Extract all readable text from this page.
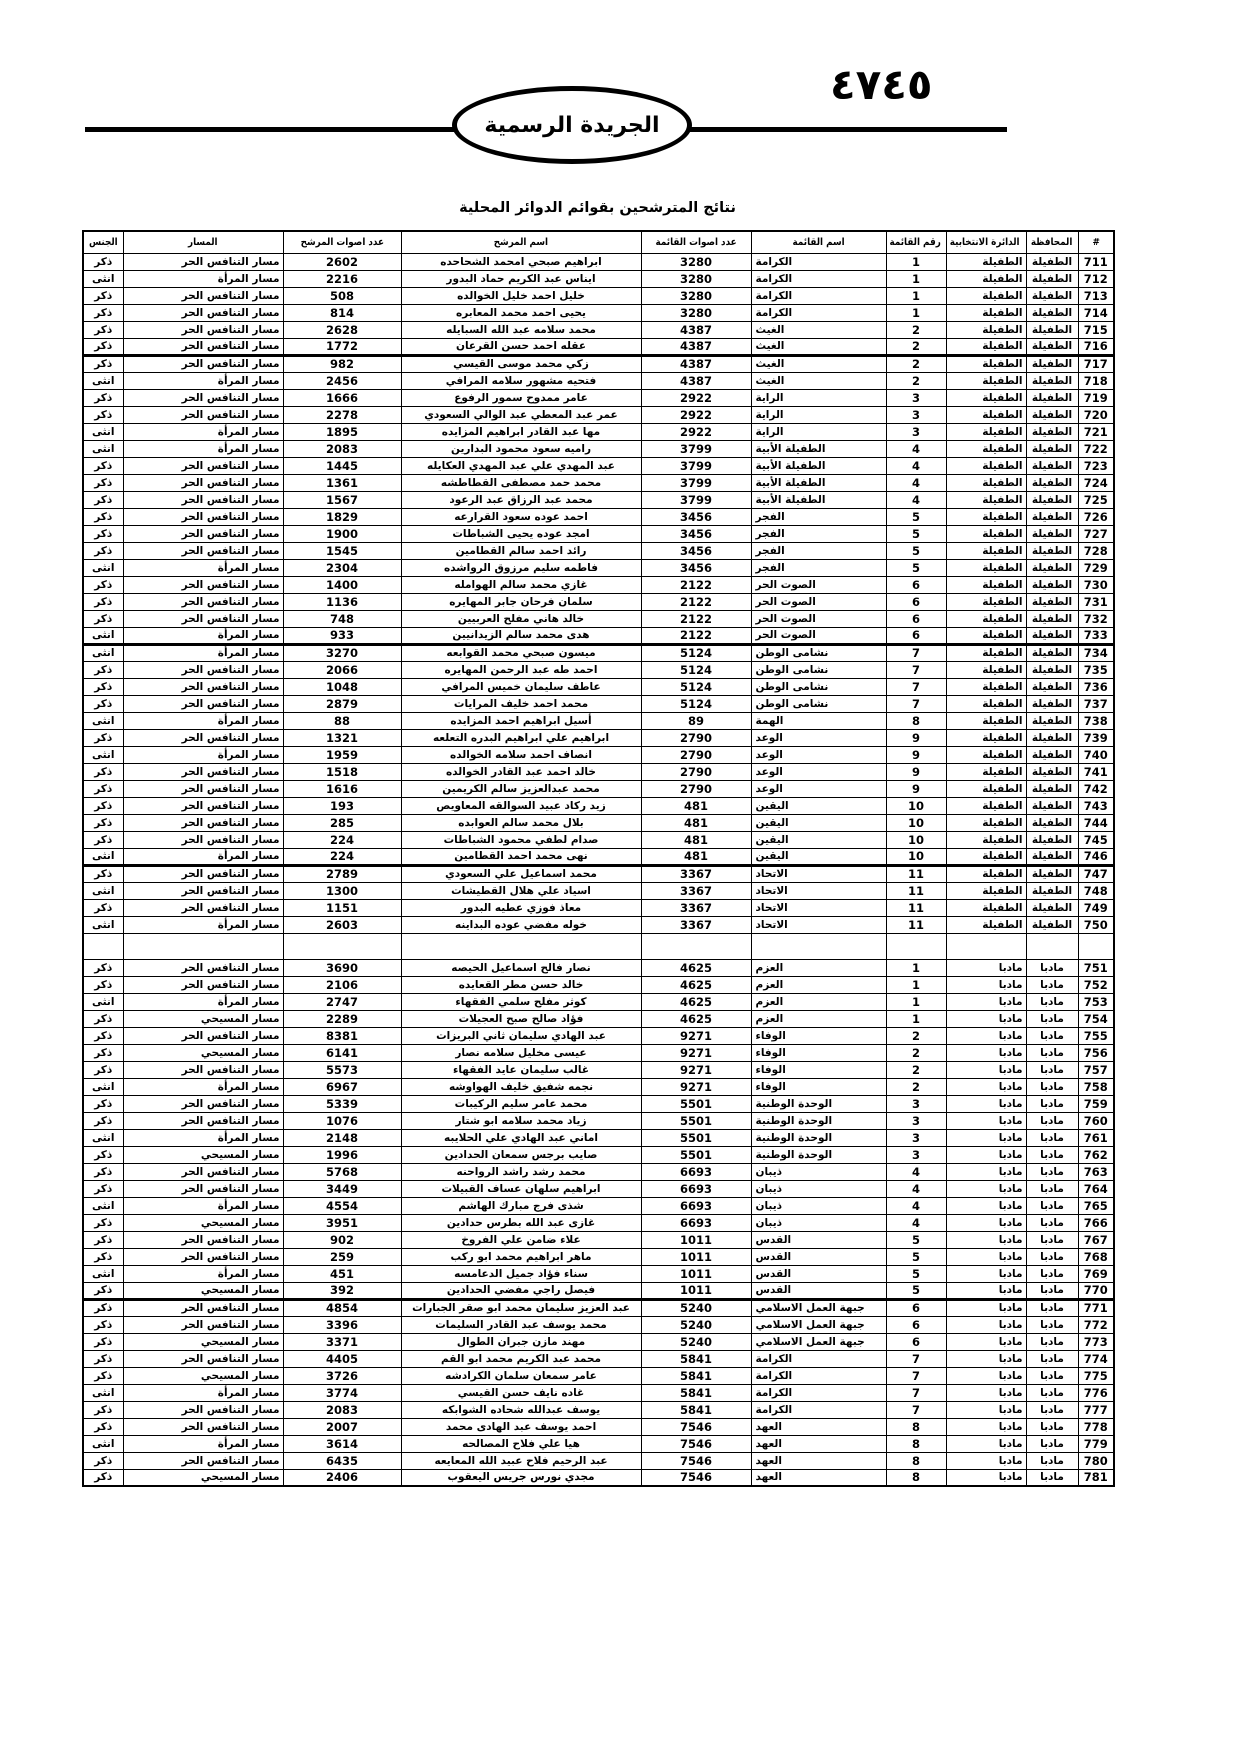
٤٧٤٥
الجريدة الرسمية
نتائج المترشحين بقوائم الدوائر المحلية
#	المحافظة	الدائرة الانتخابية	رقم القائمة	اسم القائمة	عدد اصوات القائمة	اسم المرشح	عدد اصوات المرشح	المسار	الجنس
711	الطفيلة	الطفيلة	1	الكرامة	3280	ابراهيم صبحي امحمد الشحاحده	2602	مسار التنافس الحر	ذكر
712	الطفيلة	الطفيلة	1	الكرامة	3280	ايناس عبد الكريم حماد البدور	2216	مسار المرأة	انثى
713	الطفيلة	الطفيلة	1	الكرامة	3280	خليل احمد خليل الخوالده	508	مسار التنافس الحر	ذكر
714	الطفيلة	الطفيلة	1	الكرامة	3280	يحيى احمد محمد المعابره	814	مسار التنافس الحر	ذكر
715	الطفيلة	الطفيلة	2	الغيث	4387	محمد سلامه عبد الله السبايله	2628	مسار التنافس الحر	ذكر
716	الطفيلة	الطفيلة	2	الغيث	4387	عقله احمد حسن القرعان	1772	مسار التنافس الحر	ذكر
717	الطفيلة	الطفيلة	2	الغيث	4387	زكي محمد موسى القيسي	982	مسار التنافس الحر	ذكر
718	الطفيلة	الطفيلة	2	الغيث	4387	فتحيه مشهور سلامه المرافي	2456	مسار المرأة	انثى
719	الطفيلة	الطفيلة	3	الراية	2922	عامر ممدوح سمور الرفوع	1666	مسار التنافس الحر	ذكر
720	الطفيلة	الطفيلة	3	الراية	2922	عمر عبد المعطي عبد الوالي السعودي	2278	مسار التنافس الحر	ذكر
721	الطفيلة	الطفيلة	3	الراية	2922	مها عبد القادر ابراهيم المزايده	1895	مسار المرأة	انثى
722	الطفيلة	الطفيلة	4	الطفيلة الأبية	3799	راميه سعود محمود البدارين	2083	مسار المرأة	انثى
723	الطفيلة	الطفيلة	4	الطفيلة الأبية	3799	عبد المهدي علي عبد المهدي العكايله	1445	مسار التنافس الحر	ذكر
724	الطفيلة	الطفيلة	4	الطفيلة الأبية	3799	محمد حمد مصطفى القطاطشه	1361	مسار التنافس الحر	ذكر
725	الطفيلة	الطفيلة	4	الطفيلة الأبية	3799	محمد عبد الرزاق عبد الرعود	1567	مسار التنافس الحر	ذكر
726	الطفيلة	الطفيلة	5	الفجر	3456	احمد عوده سعود القرارعه	1829	مسار التنافس الحر	ذكر
727	الطفيلة	الطفيلة	5	الفجر	3456	امجد عوده يحيى الشباطات	1900	مسار التنافس الحر	ذكر
728	الطفيلة	الطفيلة	5	الفجر	3456	رائد احمد سالم القطامين	1545	مسار التنافس الحر	ذكر
729	الطفيلة	الطفيلة	5	الفجر	3456	فاطمه سليم مرزوق الرواشده	2304	مسار المرأة	انثى
730	الطفيلة	الطفيلة	6	الصوت الحر	2122	غازي محمد سالم الهوامله	1400	مسار التنافس الحر	ذكر
731	الطفيلة	الطفيلة	6	الصوت الحر	2122	سلمان فرحان جابر المهايره	1136	مسار التنافس الحر	ذكر
732	الطفيلة	الطفيلة	6	الصوت الحر	2122	خالد هاني مفلح العربيين	748	مسار التنافس الحر	ذكر
733	الطفيلة	الطفيلة	6	الصوت الحر	2122	هدى محمد سالم الزيدانيين	933	مسار المرأة	انثى
734	الطفيلة	الطفيلة	7	نشامى الوطن	5124	ميسون صبحي محمد القوابعه	3270	مسار المرأة	انثى
735	الطفيلة	الطفيلة	7	نشامى الوطن	5124	احمد طه عبد الرحمن المهايره	2066	مسار التنافس الحر	ذكر
736	الطفيلة	الطفيلة	7	نشامى الوطن	5124	عاطف سليمان خميس المرافي	1048	مسار التنافس الحر	ذكر
737	الطفيلة	الطفيلة	7	نشامى الوطن	5124	محمد احمد خليف المرايات	2879	مسار التنافس الحر	ذكر
738	الطفيلة	الطفيلة	8	الهمة	89	أسيل ابراهيم احمد المزايده	88	مسار المرأة	انثى
739	الطفيلة	الطفيلة	9	الوعد	2790	ابراهيم علي ابراهيم البدره التعلعه	1321	مسار التنافس الحر	ذكر
740	الطفيلة	الطفيلة	9	الوعد	2790	انصاف احمد سلامه الخوالده	1959	مسار المرأة	انثى
741	الطفيلة	الطفيلة	9	الوعد	2790	خالد احمد عبد القادر الخوالده	1518	مسار التنافس الحر	ذكر
742	الطفيلة	الطفيلة	9	الوعد	2790	محمد عبدالعزيز سالم الكريمين	1616	مسار التنافس الحر	ذكر
743	الطفيلة	الطفيلة	10	اليقين	481	زيد ركاد عبيد السوالقه المعاويص	193	مسار التنافس الحر	ذكر
744	الطفيلة	الطفيلة	10	اليقين	481	بلال محمد سالم العوابده	285	مسار التنافس الحر	ذكر
745	الطفيلة	الطفيلة	10	اليقين	481	صدام لطفي محمود الشباطات	224	مسار التنافس الحر	ذكر
746	الطفيلة	الطفيلة	10	اليقين	481	نهى محمد احمد القطامين	224	مسار المرأة	انثى
747	الطفيلة	الطفيلة	11	الاتحاد	3367	محمد اسماعيل علي السعودي	2789	مسار التنافس الحر	ذكر
748	الطفيلة	الطفيلة	11	الاتحاد	3367	اسياد علي هلال القطيشات	1300	مسار التنافس الحر	انثى
749	الطفيلة	الطفيلة	11	الاتحاد	3367	معاذ فوزي عطيه البدور	1151	مسار التنافس الحر	ذكر
750	الطفيلة	الطفيلة	11	الاتحاد	3367	خوله مفضي عوده البداينه	2603	مسار المرأة	انثى

751	مادبا	مادبا	1	العزم	4625	نصار فالح اسماعيل الحيصه	3690	مسار التنافس الحر	ذكر
752	مادبا	مادبا	1	العزم	4625	خالد حسن مطر القعايده	2106	مسار التنافس الحر	ذكر
753	مادبا	مادبا	1	العزم	4625	كوثر مفلح سلمي الفقهاء	2747	مسار المرأة	انثى
754	مادبا	مادبا	1	العزم	4625	فؤاد صالح صبح العجيلات	2289	مسار المسيحي	ذكر
755	مادبا	مادبا	2	الوفاء	9271	عبد الهادي سليمان ثاني البريزات	8381	مسار التنافس الحر	ذكر
756	مادبا	مادبا	2	الوفاء	9271	عيسى مخليل سلامه نصار	6141	مسار المسيحي	ذكر
757	مادبا	مادبا	2	الوفاء	9271	غالب سليمان عايد الفقهاء	5573	مسار التنافس الحر	ذكر
758	مادبا	مادبا	2	الوفاء	9271	نجمه شفيق خليف الهواوشه	6967	مسار المرأة	انثى
759	مادبا	مادبا	3	الوحدة الوطنية	5501	محمد عامر سليم الركيبات	5339	مسار التنافس الحر	ذكر
760	مادبا	مادبا	3	الوحدة الوطنية	5501	زياد محمد سلامه ابو شتار	1076	مسار التنافس الحر	ذكر
761	مادبا	مادبا	3	الوحدة الوطنية	5501	اماني عبد الهادي علي الحلايبه	2148	مسار المرأة	انثى
762	مادبا	مادبا	3	الوحدة الوطنية	5501	صايب برجس سمعان الحدادين	1996	مسار المسيحي	ذكر
763	مادبا	مادبا	4	ذيبان	6693	محمد رشد راشد الرواحنه	5768	مسار التنافس الحر	ذكر
764	مادبا	مادبا	4	ذيبان	6693	ابراهيم سلهان عساف القبيلات	3449	مسار التنافس الحر	ذكر
765	مادبا	مادبا	4	ذيبان	6693	شذى فرج مبارك الهاشم	4554	مسار المرأة	انثى
766	مادبا	مادبا	4	ذيبان	6693	غازى عبد الله بطرس حدادين	3951	مسار المسيحي	ذكر
767	مادبا	مادبا	5	القدس	1011	علاء ضامن علي الفروخ	902	مسار التنافس الحر	ذكر
768	مادبا	مادبا	5	القدس	1011	ماهر ابراهيم محمد ابو ركب	259	مسار التنافس الحر	ذكر
769	مادبا	مادبا	5	القدس	1011	سناء فؤاد جميل الدعامسه	451	مسار المرأة	انثى
770	مادبا	مادبا	5	القدس	1011	فيصل راجي مفضي الحدادين	392	مسار المسيحي	ذكر
771	مادبا	مادبا	6	جبهة العمل الاسلامي	5240	عبد العزيز سليمان محمد ابو صقر الجبارات	4854	مسار التنافس الحر	ذكر
772	مادبا	مادبا	6	جبهة العمل الاسلامي	5240	محمد يوسف عبد القادر السليمات	3396	مسار التنافس الحر	ذكر
773	مادبا	مادبا	6	جبهة العمل الاسلامي	5240	مهند مازن جبران الطوال	3371	مسار المسيحي	ذكر
774	مادبا	مادبا	7	الكرامة	5841	محمد عبد الكريم محمد ابو القم	4405	مسار التنافس الحر	ذكر
775	مادبا	مادبا	7	الكرامة	5841	عامر سمعان سلمان الكرادشه	3726	مسار المسيحي	ذكر
776	مادبا	مادبا	7	الكرامة	5841	غاده نايف حسن القيسي	3774	مسار المرأة	انثى
777	مادبا	مادبا	7	الكرامة	5841	يوسف عبدالله شحاده الشوابكه	2083	مسار التنافس الحر	ذكر
778	مادبا	مادبا	8	العهد	7546	احمد يوسف عبد الهادى محمد	2007	مسار التنافس الحر	ذكر
779	مادبا	مادبا	8	العهد	7546	هيا علي فلاح المصالحه	3614	مسار المرأة	انثى
780	مادبا	مادبا	8	العهد	7546	عبد الرحيم فلاح عبيد الله المعايعه	6435	مسار التنافس الحر	ذكر
781	مادبا	مادبا	8	العهد	7546	مجدي نورس جريس اليعقوب	2406	مسار المسيحي	ذكر
